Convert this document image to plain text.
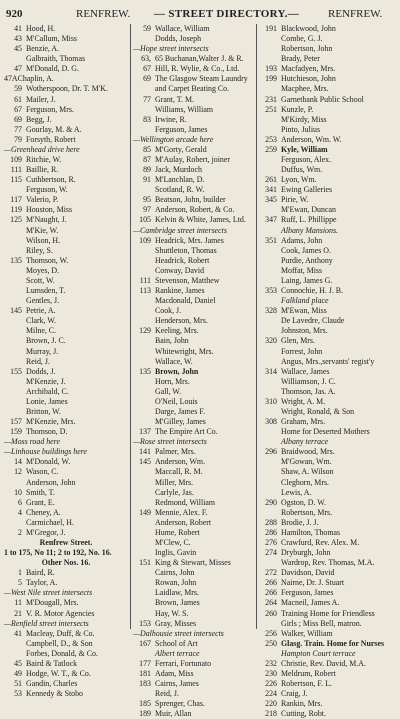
920	RENFREW. — STREET DIRECTORY.—	RENFREW.
41 Hood, H.
43 M'Callum, Miss
45 Benzie, A.
Galbraith, Thomas
47 M'Donald, D. G.
47AChaplin, A.
59 Wotherspoon, Dr. T. M'K.
61 Mailer, J.
67 Ferguson, Mrs.
69 Begg, J.
77 Gourlay, M. & A.
79 Forsyth, Robert
—Greenhead drive here
109 Ritchie, W.
111 Baillie, R.
115 Cuthbertson, R.
Ferguson, W.
117 Valerio, P.
119 Houston, Miss
125 M'Naught, J.
M'Kie, W.
Wilson, H.
Riley, S.
135 Thomson, W.
Moyes, D.
Scott, W.
Lumsden, T.
Gentles, J.
145 Petrie, A.
Clark, W.
Milne, C.
Brown, J. C.
Murray, J.
Reid, J.
155 Dodds, J.
M'Kenzie, J.
Archibald, C.
Lonie, James
Britton, W.
157 M'Kenzie, Mrs.
159 Thomson, D.
—Moss road here
—Linhouse buildings here
14 M'Donald, W.
12 Wason, C.
Anderson, John
10 Smith, T.
6 Grant, E.
4 Cheney, A.
Carmichael, H.
2 M'Gregor, J.
Renfrew Street.
1 to 175, No 11; 2 to 192, No. 16.
Other Nos. 16.
1 Baird, R.
5 Taylor, A.
—West Nile street intersects
11 M'Dougall, Mrs.
21 V. R. Motor Agencies
—Renfield street intersects
41 Macleay, Duff, & Co.
Campbell, D., & Son
Forbes, Donald, & Co.
45 Baird & Tatlock
49 Hodge, W. T., & Co.
51 Gandin, Charles
53 Kennedy & Stobo
59 Wallace, William
Dodds, Joseph
—Hope street intersects
63, 65 Buchanan,Walter J. & R.
67 Hill, R. Wylie, & Co., Ltd.
69 The Glasgow Steam Laundry
and Carpet Beating Co.
77 Grant, T. M.
Williams, William
83 Irwine, R.
Ferguson, James
—Wellington arcade here
85 M'Gorty, Gerald
87 M'Aulay, Robert, joiner
89 Jack, Murdoch
91 M'Lanchlan, D.
Scotland, R. W.
95 Beatson, John, builder
97 Anderson, Robert, & Co.
105 Kelvin & White, James, Ltd.
—Cambridge street intersects
109 Headrick, Mrs. James
Shuttleton, Thomas
Headrick, Robert
Conway, David
111 Stevenson, Matthew
113 Rankine, James
Macdonald, Daniel
Cook, J.
Henderson, Mrs.
129 Keeling, Mrs.
Bain, John
Whitewright, Mrs.
Wallace, W.
135 Brown, John
Horn, Mrs.
Gall, W.
O'Neil, Louis
Darge, James F.
M'Gilley, James
137 The Empire Art Co.
—Rose street intersects
141 Palmer, Mrs.
145 Anderson, Wm.
Maccall, R. M.
Miller, Mrs.
Carlyle, Jas.
Redmond, William
149 Mennie, Alex. F.
Anderson, Robert
Hume, Robert
M'Clew, C.
Inglis, Gavin
151 King & Stewart, Misses
Cairns, John
Rowan, John
Laidlaw, Mrs.
Brown, James
Hay, W. S.
153 Gray, Misses
—Dalhousie street intersects
167 School of Art
Albert terrace
177 Ferrari, Fortunato
181 Adam, Miss
183 Cairns, James
Reid, J.
185 Sprenger, Chas.
189 Muir, Allan
191 Blackwood, John
Combe, G. J.
Robertson, John
Brady, Peter
193 Macfadyen, Mrs.
199 Hutchieson, John
Macphee, Mrs.
231 Garnetbank Public School
251 Kunzle, P.
M'Kirdy, Miss
Pinto, Julius
253 Anderson, Wm. W.
259 Kyle, William
Ferguson, Alex.
Duffus, Wm.
261 Lyon, Wm.
341 Ewing Galleries
345 Pirie, W.
M'Ewan, Duncan
347 Ruff, L. Phillippe
Albany Mansions.
351 Adams, John
Cook, James O.
Purdie, Anthony
Moffat, Miss
Laing, James G.
353 Connochie, H. J. B.
Falkland place
328 M'Ewan, Miss
De Lavedre, Claude
Johnston, Mrs.
320 Glen, Mrs.
Forrest, John
Angus, Mrs.,servants' regist'y
314 Wallace, James
Williamson, J. C.
Thomson, Jas. A.
310 Wright, A. M.
Wright, Ronald, & Son
308 Graham, Mrs.
Home for Deserted Mothers
Albany terrace
296 Braidwood, Mrs.
M'Gowan, Wm.
Shaw, A. Wilson
Cleghorn, Mrs.
Lewis, A.
290 Ogston, D. W.
Robertson, Mrs.
288 Brodie, J. J.
286 Hamilton, Thomas
276 Crawfurd, Rev. Alex. M.
274 Dryburgh, John
Wardrop, Rev. Thomas, M.A.
272 Davidson, David
266 Nairne, Dr. J. Stuart
266 Ferguson, James
264 Macneil, James A.
260 Training Home for Friendless
Girls ; Miss Bell, matron.
256 Walker, William
250 Glasg. Train. Home for Nurses
Hampton Court terrace
232 Christie, Rev. David, M.A.
230 Meldrum, Robert
226 Robertson, F. L.
224 Craig, J.
220 Rankin, Mrs.
218 Cutting, Robt.
